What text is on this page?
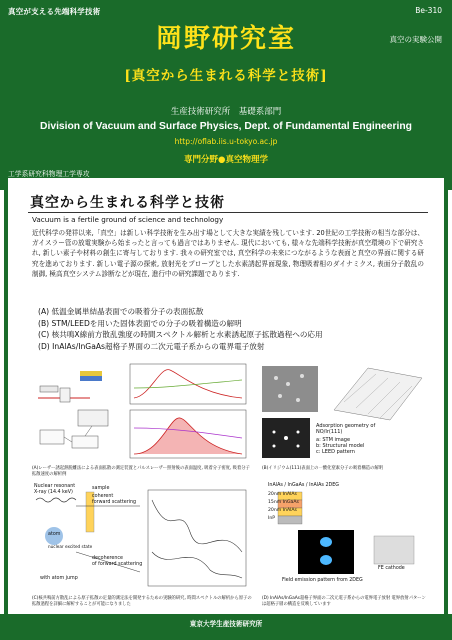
真空が支える先端科学技術	Be-310
真空の実験公開
岡野研究室
[真空から生まれる科学と技術]
生産技術研究所　基礎系部門
Division of Vacuum and Surface Physics, Dept. of Fundamental Engineering
http://oflab.iis.u-tokyo.ac.jp
専門分野●真空物理学
工学系研究科物理工学専攻
真空から生まれる科学と技術
Vacuum is a fertile ground of science and technology
近代科学の発祥以来,「真空」は新しい科学技術を生み出す場として大きな実績を残しています. 20世紀の工学技術の相当な部分は、ガイスラー管の放電実験から始まったと言っても過言ではありません. 現代においても, 様々な先端科学技術が真空環境の下で研究され, 新しい素子や材料の創生に寄与しております. 我々の研究室では, 真空科学の未来につながるような表面と真空の界面に関する研究を進めております. 新しい電子源の探索, 放射光をプローブとした水素誘起界面現象, 物理吸着相のダイナミクス, 表面分子散乱の制御, 極高真空システム診断などが現在, 進行中の研究課題であります.
(A) 低温金属単結晶表面での吸着分子の表面拡散
(B) STM/LEEDを用いた固体表面での分子の吸着構造の解明
(C) 核共鳴X線前方散乱強度の時間スペクトル解析と水素誘起原子拡散過程への応用
(D) InAlAs/InGaAs超格子界面の二次元電子系からの電界電子放射
(A)レーザー誘起熱脱離法による表面拡散の測定装置とパルスレーザー照射後の表面温度, 吸着分子密度, 吸着分子拡散速度の解析例
Adsorption geometry of
NO/Ir(111)
a: STM image
b: Structural model
c: LEED pattern
(B)イリジウム(111)表面上の一酸化窒素分子の吸着構造の解明
Nuclear resonant
X-ray (14.4 keV)
sample
coherent
forward scattering
nuclear excited state
atom
decoherence
of forward scattering
with atom jump
(C)核共鳴前方散乱による原子拡散の定量的測定法を開発するための実験的研究, 時間スペクトルの解析から原子の拡散過程を詳細に解析することが可能になりました
InAlAs / InGaAs / InAlAs 2DEG
20nm InAlAs
15nm InGaAs
20nm InAlAs
InP
Field emission pattern from 2DEG
FE cathode
(D) InAlAs/InGaAs超格子界面の二次元電子系からの電界電子放射 電界放射パターンは超格子層の構造を反映しています
東京大学生産技術研究所
